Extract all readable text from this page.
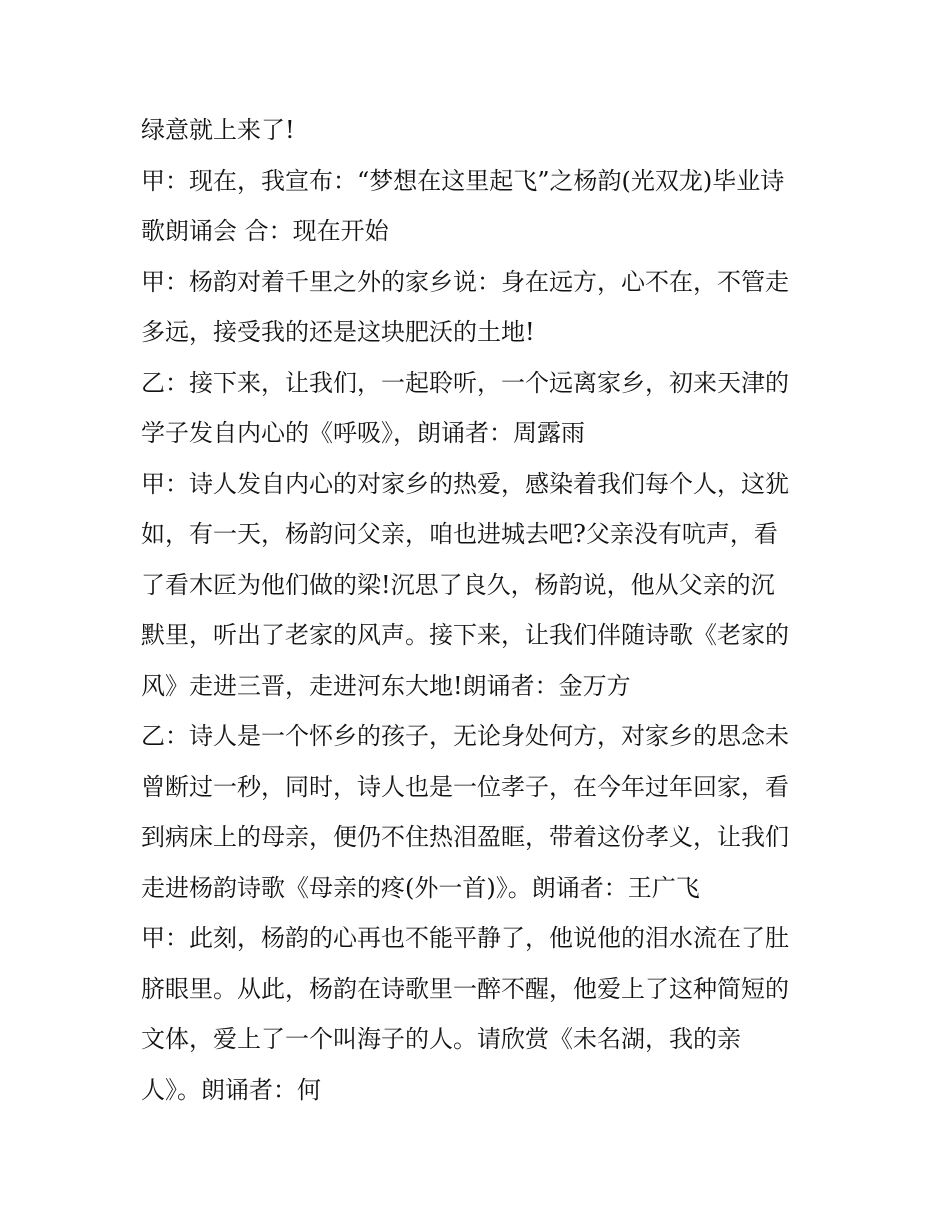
绿意就上来了!
甲：现在，我宣布：“梦想在这里起飞”之杨韵(光双龙)毕业诗
歌朗诵会 合：现在开始
甲：杨韵对着千里之外的家乡说：身在远方，心不在，不管走
多远，接受我的还是这块肥沃的土地!
乙：接下来，让我们，一起聆听，一个远离家乡，初来天津的
学子发自内心的《呼吸》，朗诵者：周露雨
甲：诗人发自内心的对家乡的热爱，感染着我们每个人，这犹
如，有一天，杨韵问父亲，咱也进城去吧?父亲没有吭声，看
了看木匠为他们做的梁!沉思了良久，杨韵说，他从父亲的沉
默里，听出了老家的风声。接下来，让我们伴随诗歌《老家的
风》走进三晋，走进河东大地!朗诵者：金万方
乙：诗人是一个怀乡的孩子，无论身处何方，对家乡的思念未
曾断过一秒，同时，诗人也是一位孝子，在今年过年回家，看
到病床上的母亲，便仍不住热泪盈眶，带着这份孝义，让我们
走进杨韵诗歌《母亲的疼(外一首)》。朗诵者：王广飞
甲：此刻，杨韵的心再也不能平静了，他说他的泪水流在了肚
脐眼里。从此，杨韵在诗歌里一醉不醒，他爱上了这种简短的
文体，爱上了一个叫海子的人。请欣赏《未名湖，我的亲
人》。朗诵者：何
